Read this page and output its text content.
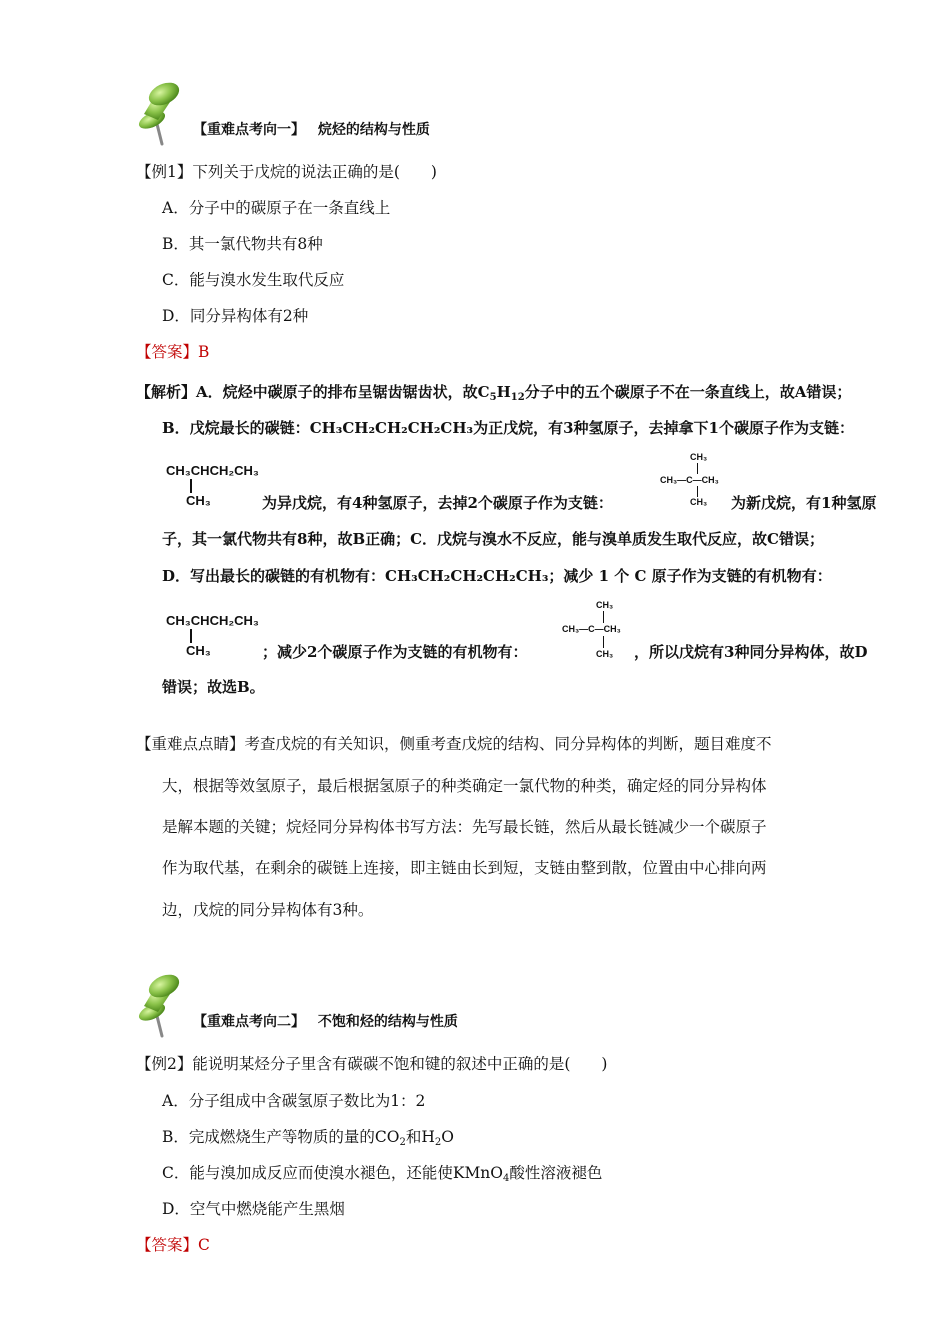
【重难点考向一】 烷烃的结构与性质
【例1】下列关于戊烷的说法正确的是(　　)
A．分子中的碳原子在一条直线上
B．其一氯代物共有8种
C．能与溴水发生取代反应
D．同分异构体有2种
【答案】B
【解析】A．烷烃中碳原子的排布呈锯齿锯齿状，故$C_5H_{12}$分子中的五个碳原子不在一条直线上，故A错误；
B．戊烷最长的碳链：CH₃CH₂CH₂CH₂CH₃为正戊烷，有3种氢原子，去掉拿下1个碳原子作为支链：
CH₃CHCH₂CH₃
CH₃	为异戊烷，有4种氢原子，去掉2个碳原子作为支链：
CH₃
CH₃—C—CH₃
CH₃ 为新戊烷，有1种氢原
子，其一氯代物共有8种，故B正确；C．戊烷与溴水不反应，能与溴单质发生取代反应，故C错误；
D．写出最长的碳链的有机物有：CH₃CH₂CH₂CH₂CH₃；减少 1 个 C 原子作为支链的有机物有：
CH₃CHCH₂CH₃
CH₃	；减少2个碳原子作为支链的有机物有：
CH₃
CH₃—C—CH₃
CH₃ ，所以戊烷有3种同分异构体，故D
错误；故选B。
【重难点点睛】考查戊烷的有关知识，侧重考查戊烷的结构、同分异构体的判断，题目难度不
大，根据等效氢原子，最后根据氢原子的种类确定一氯代物的种类，确定烃的同分异构体
是解本题的关键；烷烃同分异构体书写方法：先写最长链，然后从最长链减少一个碳原子
作为取代基，在剩余的碳链上连接，即主链由长到短，支链由整到散，位置由中心排向两
边，戊烷的同分异构体有3种。
【重难点考向二】 不饱和烃的结构与性质
【例2】能说明某烃分子里含有碳碳不饱和键的叙述中正确的是(　　)
A．分子组成中含碳氢原子数比为1：2
B．完成燃烧生产等物质的量的$CO_2$和$H_2O$
C．能与溴加成反应而使溴水褪色，还能使KMnO$_4$酸性溶液褪色
D．空气中燃烧能产生黑烟
【答案】C
